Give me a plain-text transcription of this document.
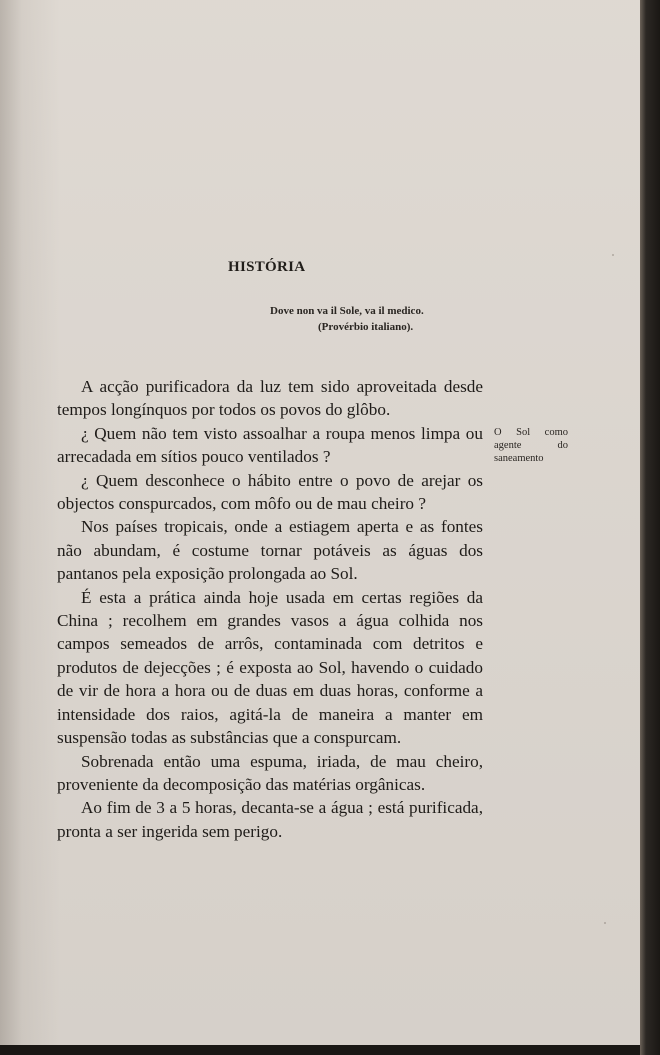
HISTÓRIA
Dove non va il Sole, va il medico.
(Provérbio italiano).
O Sol como
agente do
saneamento

A acção purificadora da luz tem sido aproveitada desde tempos longínquos por todos os povos do glôbo.

¿ Quem não tem visto assoalhar a roupa menos limpa ou arrecadada em sítios pouco ventilados ?

¿ Quem desconhece o hábito entre o povo de arejar os objectos conspurcados, com môfo ou de mau cheiro ?

Nos países tropicais, onde a estiagem aperta e as fontes não abundam, é costume tornar potáveis as águas dos pantanos pela exposição prolongada ao Sol.

É esta a prática ainda hoje usada em certas regiões da China ; recolhem em grandes vasos a água colhida nos campos semeados de arrôs, contaminada com detritos e produtos de dejecções ; é exposta ao Sol, havendo o cuidado de vir de hora a hora ou de duas em duas horas, conforme a intensidade dos raios, agitá-la de maneira a manter em suspensão todas as substâncias que a conspurcam.

Sobrenada então uma espuma, iriada, de mau cheiro, proveniente da decomposição das matérias orgânicas.

Ao fim de 3 a 5 horas, decanta-se a água ; está purificada, pronta a ser ingerida sem perigo.
